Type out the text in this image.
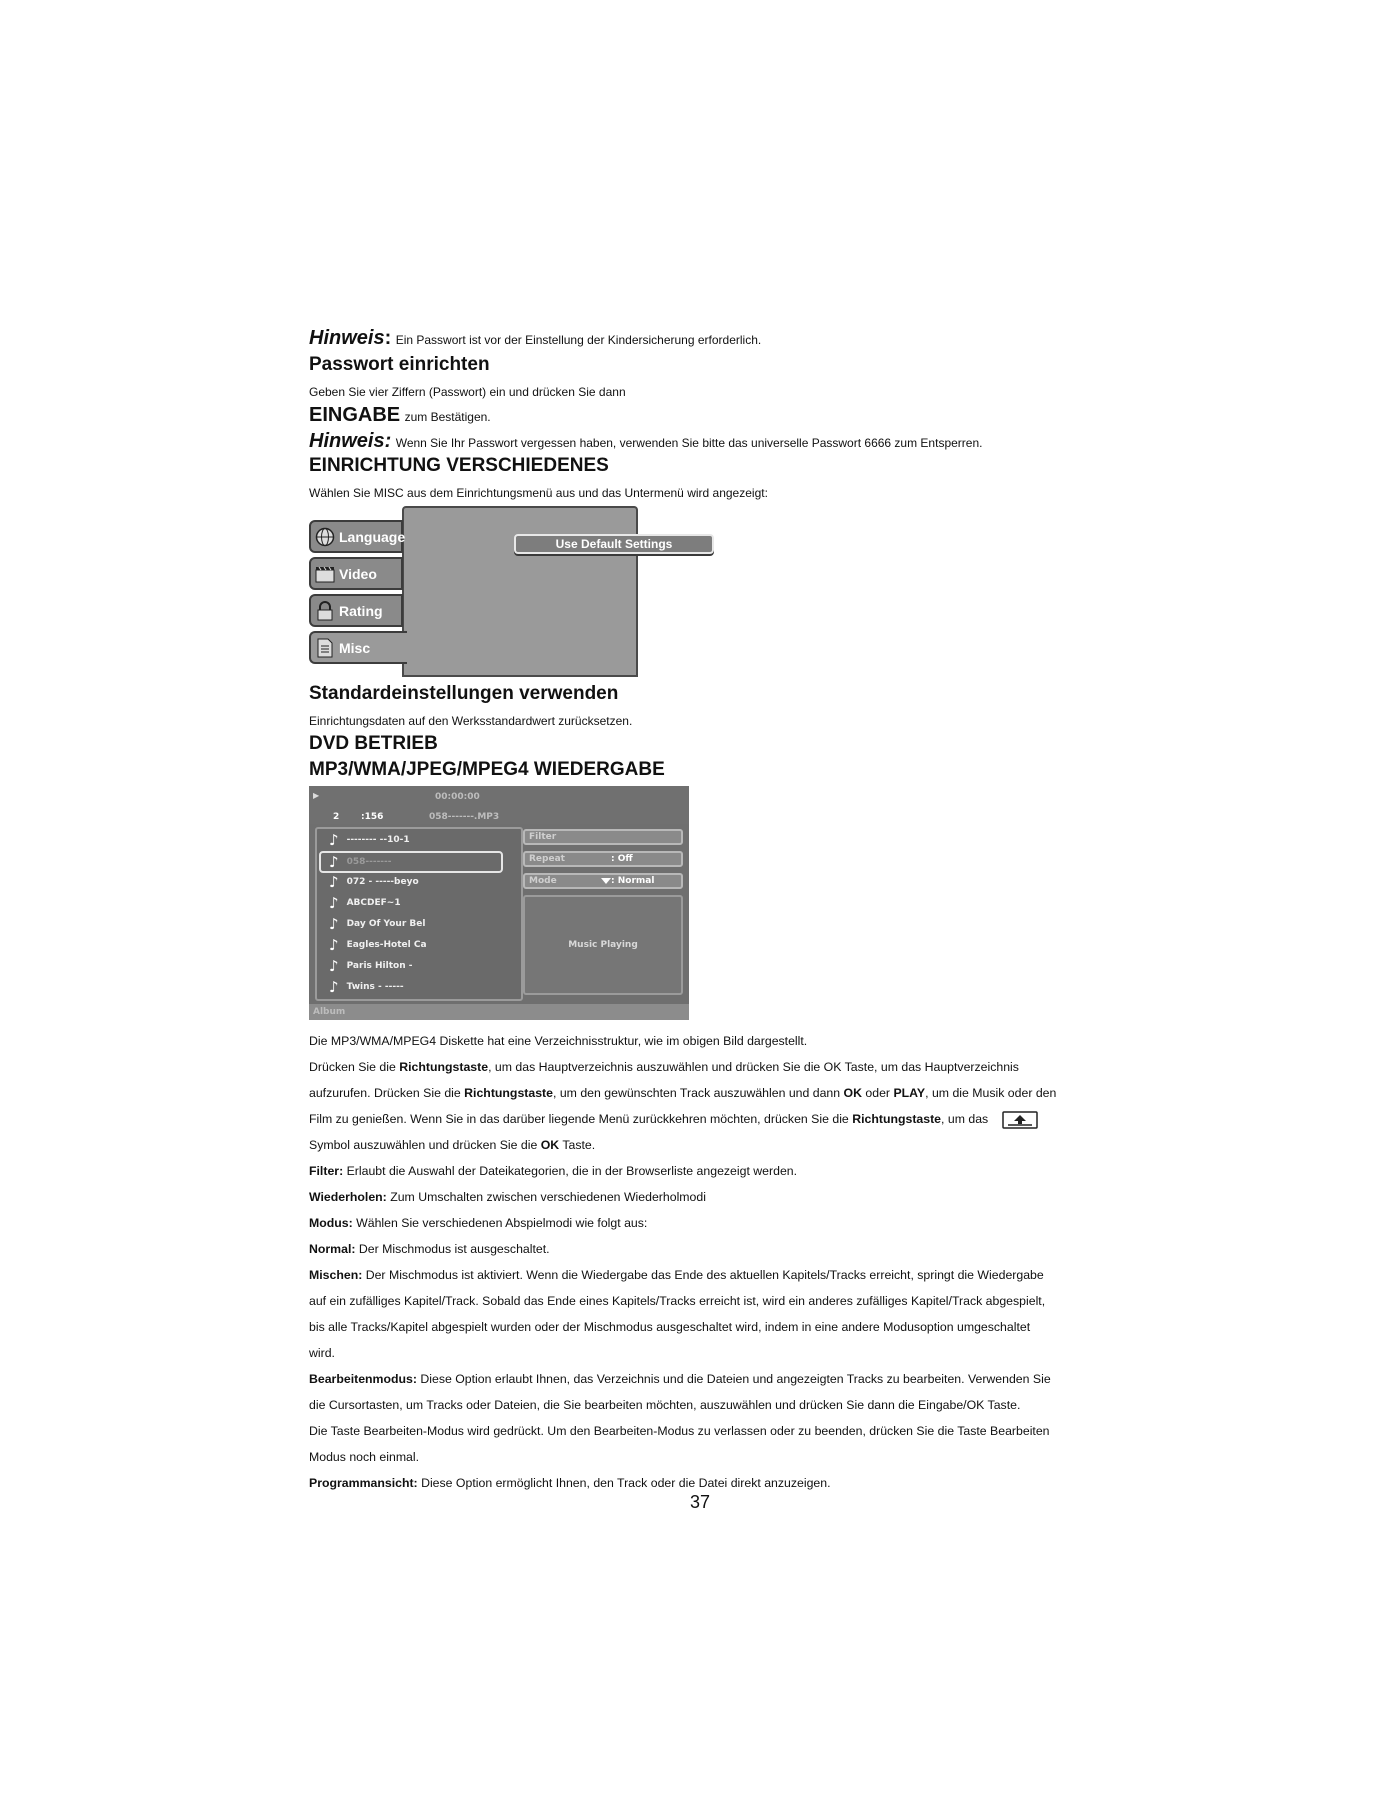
Hinweis: Ein Passwort ist vor der Einstellung der Kindersicherung erforderlich.

Passwort einrichten

Geben Sie vier Ziffern (Passwort) ein und drücken Sie dann

EINGABE zum Bestätigen.

Hinweis: Wenn Sie Ihr Passwort vergessen haben, verwenden Sie bitte das universelle Passwort 6666 zum Entsperren.

EINRICHTUNG VERSCHIEDENES

Wählen Sie MISC aus dem Einrichtungsmenü aus und das Untermenü wird angezeigt:

Use Default Settings
Language
Video
Rating
Misc

Standardeinstellungen verwenden

Einrichtungsdaten auf den Werksstandardwert zurücksetzen.

DVD BETRIEB

MP3/WMA/JPEG/MPEG4 WIEDERGABE

▶	00:00:00
2 :156	058-------.MP3
♪ -------- --10-1
♪ 058-------
♪ 072 - -----beyo
♪ ABCDEF~1
♪ Day Of Your Bel
♪ Eagles-Hotel Ca
♪ Paris Hilton -
♪ Twins - -----
Filter
Repeat	: Off
Mode	: Normal
Music Playing
Album

Die MP3/WMA/MPEG4 Diskette hat eine Verzeichnisstruktur, wie im obigen Bild dargestellt.

Drücken Sie die Richtungstaste, um das Hauptverzeichnis auszuwählen und drücken Sie die OK Taste, um das Hauptverzeichnis

aufzurufen. Drücken Sie die Richtungstaste, um den gewünschten Track auszuwählen und dann OK oder PLAY, um die Musik oder den

Film zu genießen. Wenn Sie in das darüber liegende Menü zurückkehren möchten, drücken Sie die Richtungstaste, um das

Symbol auszuwählen und drücken Sie die OK Taste.

Filter: Erlaubt die Auswahl der Dateikategorien, die in der Browserliste angezeigt werden.

Wiederholen: Zum Umschalten zwischen verschiedenen Wiederholmodi

Modus: Wählen Sie verschiedenen Abspielmodi wie folgt aus:

Normal: Der Mischmodus ist ausgeschaltet.

Mischen: Der Mischmodus ist aktiviert. Wenn die Wiedergabe das Ende des aktuellen Kapitels/Tracks erreicht, springt die Wiedergabe

auf ein zufälliges Kapitel/Track. Sobald das Ende eines Kapitels/Tracks erreicht ist, wird ein anderes zufälliges Kapitel/Track abgespielt,

bis alle Tracks/Kapitel abgespielt wurden oder der Mischmodus ausgeschaltet wird, indem in eine andere Modusoption umgeschaltet

wird.

Bearbeitenmodus: Diese Option erlaubt Ihnen, das Verzeichnis und die Dateien und angezeigten Tracks zu bearbeiten. Verwenden Sie

die Cursortasten, um Tracks oder Dateien, die Sie bearbeiten möchten, auszuwählen und drücken Sie dann die Eingabe/OK Taste.

Die Taste Bearbeiten-Modus wird gedrückt. Um den Bearbeiten-Modus zu verlassen oder zu beenden, drücken Sie die Taste Bearbeiten

Modus noch einmal.

Programmansicht: Diese Option ermöglicht Ihnen, den Track oder die Datei direkt anzuzeigen.

37
